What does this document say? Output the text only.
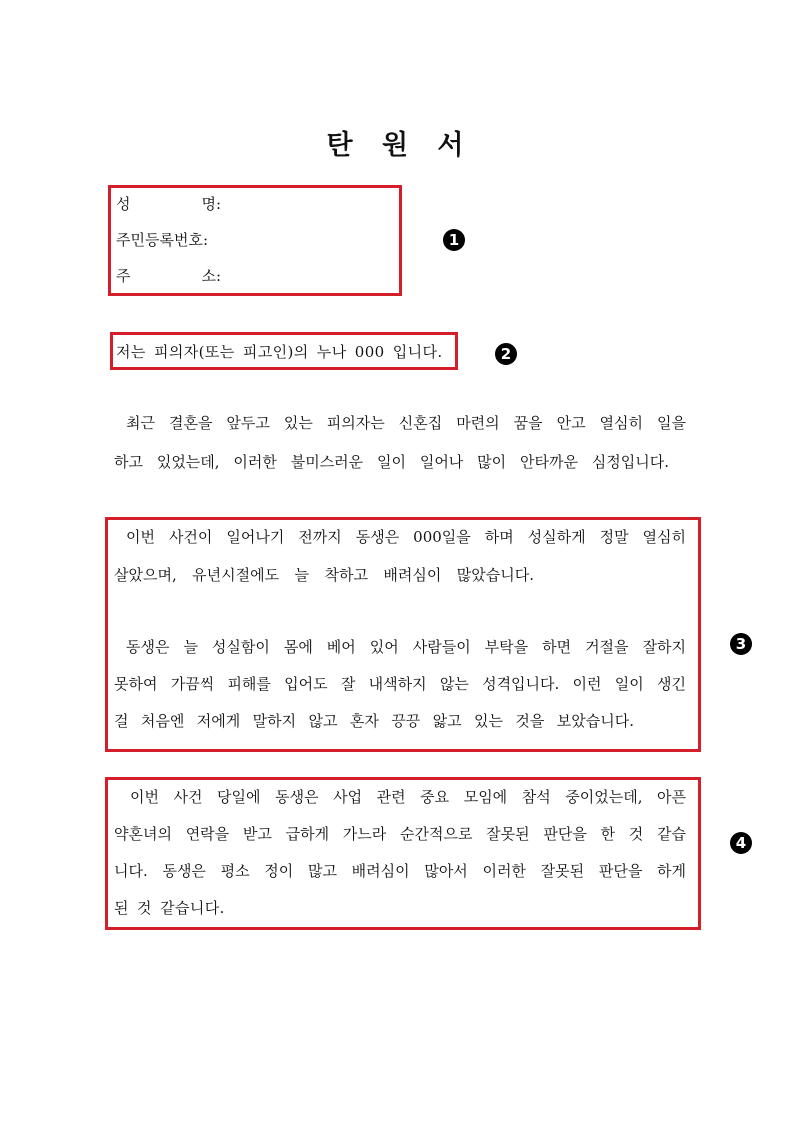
탄 원 서
성 명:
주민등록번호:
주 소:
1
저는 피의자(또는 피고인)의 누나 000 입니다.	2
최근 결혼을 앞두고 있는 피의자는 신혼집 마련의 꿈을 안고 열심히 일을
하고 있었는데, 이러한 불미스러운 일이 일어나 많이 안타까운 심정입니다.
이번 사건이 일어나기 전까지 동생은 000일을 하며 성실하게 정말 열심히
살았으며, 유년시절에도 늘 착하고 배려심이 많았습니다.
동생은 늘 성실함이 몸에 베어 있어 사람들이 부탁을 하면 거절을 잘하지
못하여 가끔씩 피해를 입어도 잘 내색하지 않는 성격입니다. 이런 일이 생긴
걸 처음엔 저에게 말하지 않고 혼자 끙끙 앓고 있는 것을 보았습니다.
3
이번 사건 당일에 동생은 사업 관련 중요 모임에 참석 중이었는데, 아픈
약혼녀의 연락을 받고 급하게 가느라 순간적으로 잘못된 판단을 한 것 같습
니다. 동생은 평소 정이 많고 배려심이 많아서 이러한 잘못된 판단을 하게
된 것 같습니다.
4
